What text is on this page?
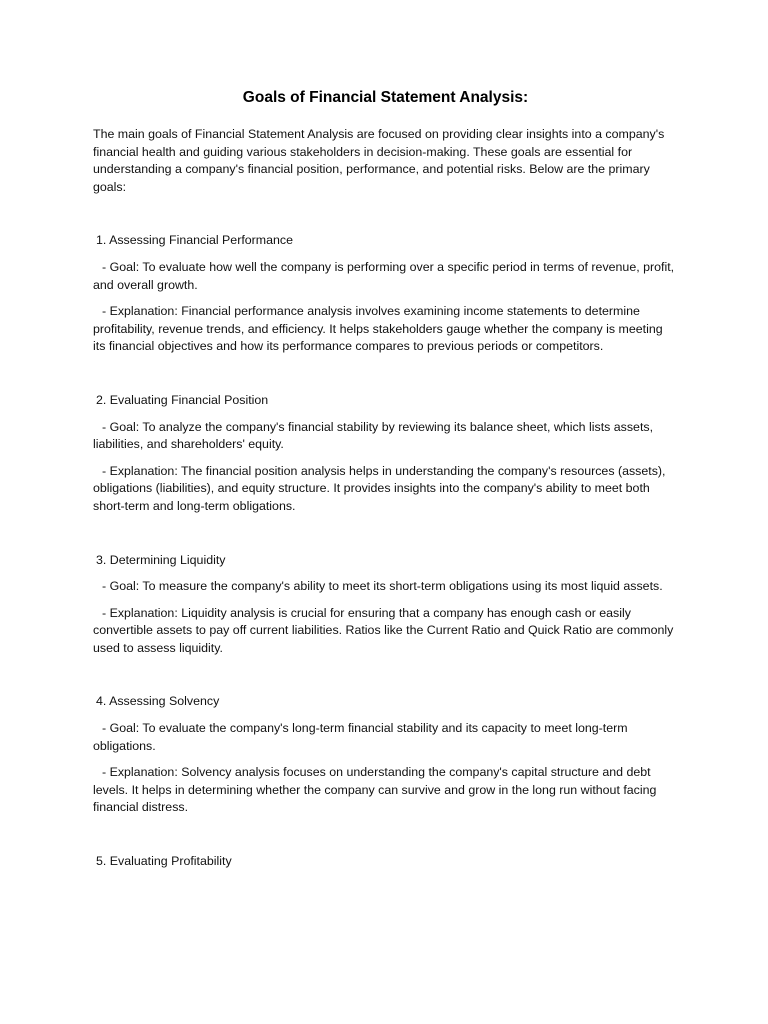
Goals of Financial Statement Analysis:

The main goals of Financial Statement Analysis are focused on providing clear insights into a company's financial health and guiding various stakeholders in decision-making. These goals are essential for understanding a company's financial position, performance, and potential risks. Below are the primary goals:

1. Assessing Financial Performance

- Goal: To evaluate how well the company is performing over a specific period in terms of revenue, profit, and overall growth.

- Explanation: Financial performance analysis involves examining income statements to determine profitability, revenue trends, and efficiency. It helps stakeholders gauge whether the company is meeting its financial objectives and how its performance compares to previous periods or competitors.

2. Evaluating Financial Position

- Goal: To analyze the company's financial stability by reviewing its balance sheet, which lists assets, liabilities, and shareholders' equity.

- Explanation: The financial position analysis helps in understanding the company's resources (assets), obligations (liabilities), and equity structure. It provides insights into the company's ability to meet both short-term and long-term obligations.

3. Determining Liquidity

- Goal: To measure the company's ability to meet its short-term obligations using its most liquid assets.

- Explanation: Liquidity analysis is crucial for ensuring that a company has enough cash or easily convertible assets to pay off current liabilities. Ratios like the Current Ratio and Quick Ratio are commonly used to assess liquidity.

4. Assessing Solvency

- Goal: To evaluate the company's long-term financial stability and its capacity to meet long-term obligations.

- Explanation: Solvency analysis focuses on understanding the company's capital structure and debt levels. It helps in determining whether the company can survive and grow in the long run without facing financial distress.

5. Evaluating Profitability
